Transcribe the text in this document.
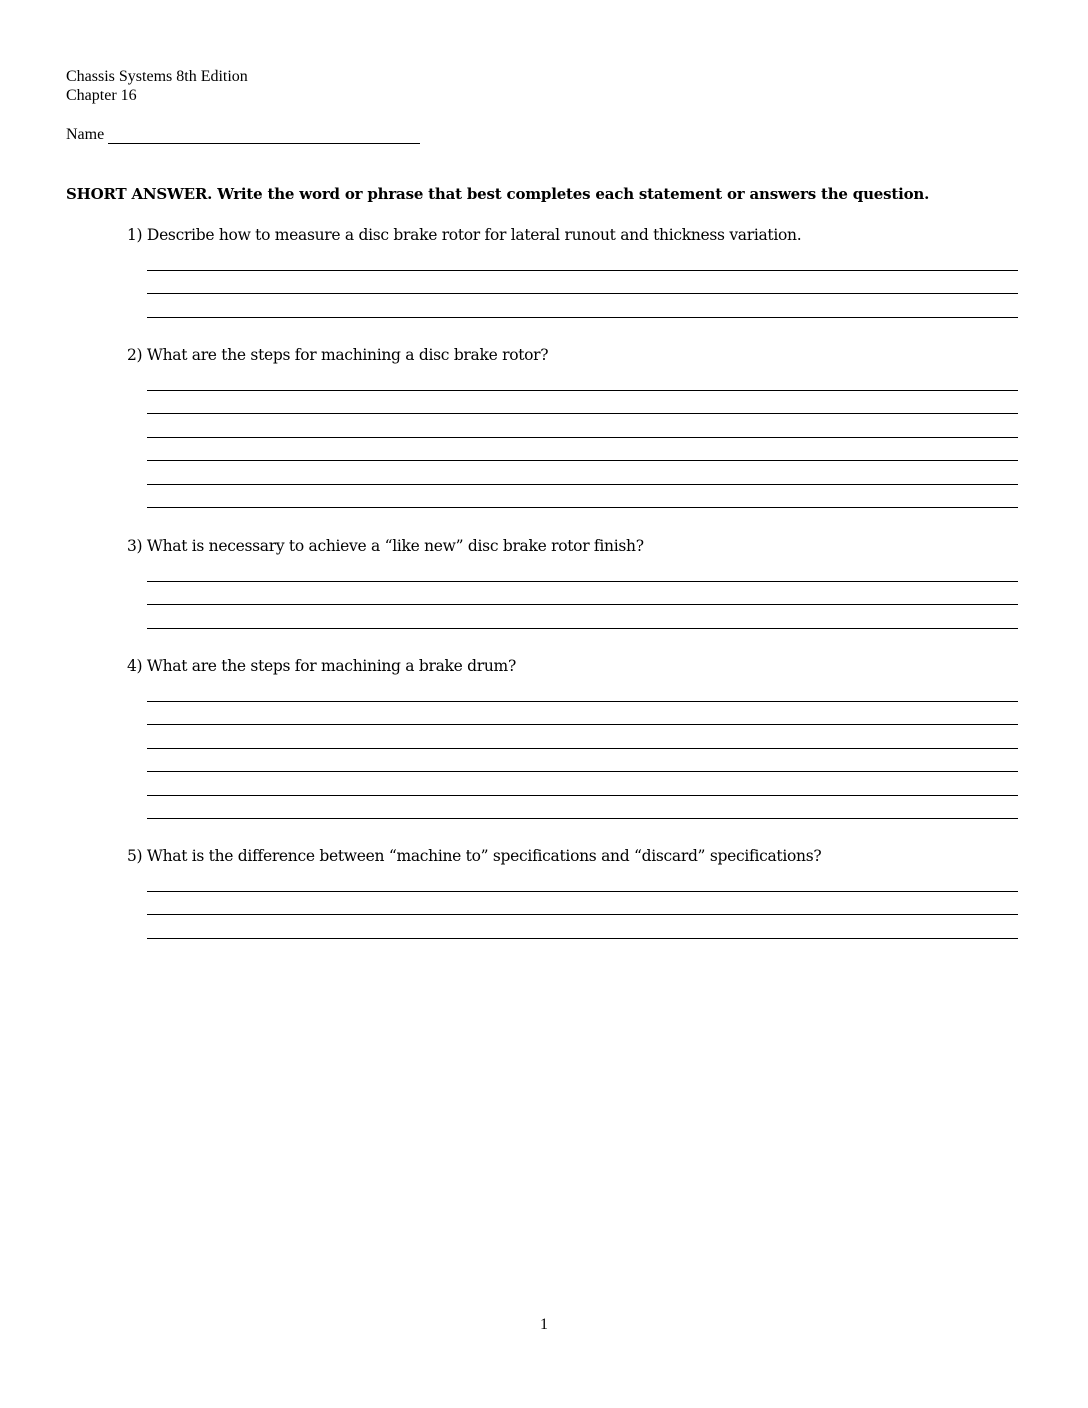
Chassis Systems 8th Edition
Chapter 16
Name
SHORT ANSWER. Write the word or phrase that best completes each statement or answers the question.
1) Describe how to measure a disc brake rotor for lateral runout and thickness variation.
2) What are the steps for machining a disc brake rotor?
3) What is necessary to achieve a “like new” disc brake rotor finish?
4) What are the steps for machining a brake drum?
5) What is the difference between “machine to” specifications and “discard” specifications?
1
